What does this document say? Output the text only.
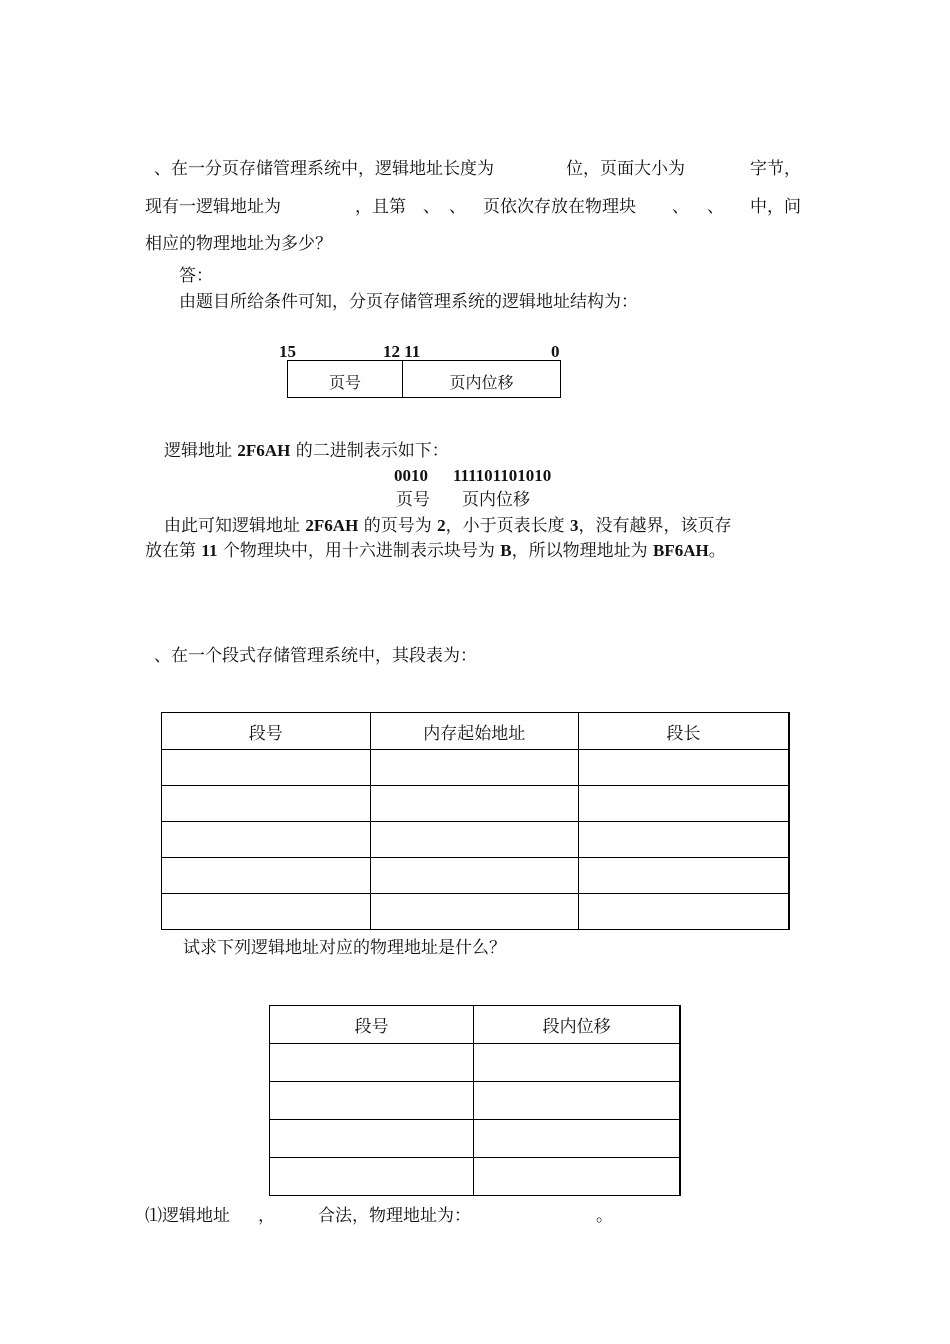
、在一分页存储管理系统中，逻辑地址长度为	位，页面大小为	字节，
现有一逻辑地址为	，且第 、 、 页依次存放在物理块 、 、 中，问
相应的物理地址为多少？
答：
由题目所给条件可知，分页存储管理系统的逻辑地址结构为：
15	12 11	0
页号	页内位移
逻辑地址 2F6AH 的二进制表示如下：
0010 111101101010
页号 页内位移
由此可知逻辑地址 2F6AH 的页号为 2，小于页表长度 3，没有越界，该页存
放在第 11 个物理块中，用十六进制表示块号为 B，所以物理地址为 BF6AH。
、在一个段式存储管理系统中，其段表为：
段号	内存起始地址	段长

试求下列逻辑地址对应的物理地址是什么？
段号	段内位移

⑴逻辑地址 ，	合法，物理地址为：	。
